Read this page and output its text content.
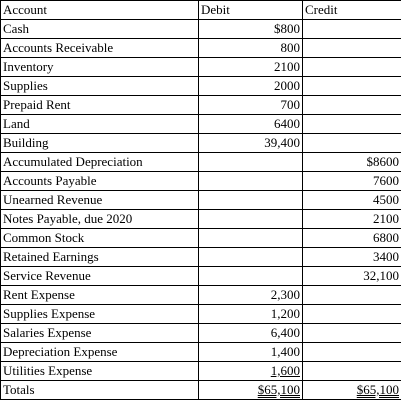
Account	Debit	Credit
Cash	$800	
Accounts Receivable	800	
Inventory	2100	
Supplies	2000	
Prepaid Rent	700	
Land	6400	
Building	39,400	
Accumulated Depreciation		$8600
Accounts Payable		7600
Unearned Revenue		4500
Notes Payable, due 2020		2100
Common Stock		6800
Retained Earnings		3400
Service Revenue		32,100
Rent Expense	2,300	
Supplies Expense	1,200	
Salaries Expense	6,400	
Depreciation Expense	1,400	
Utilities Expense	1,600	
Totals	$65,100	$65,100
